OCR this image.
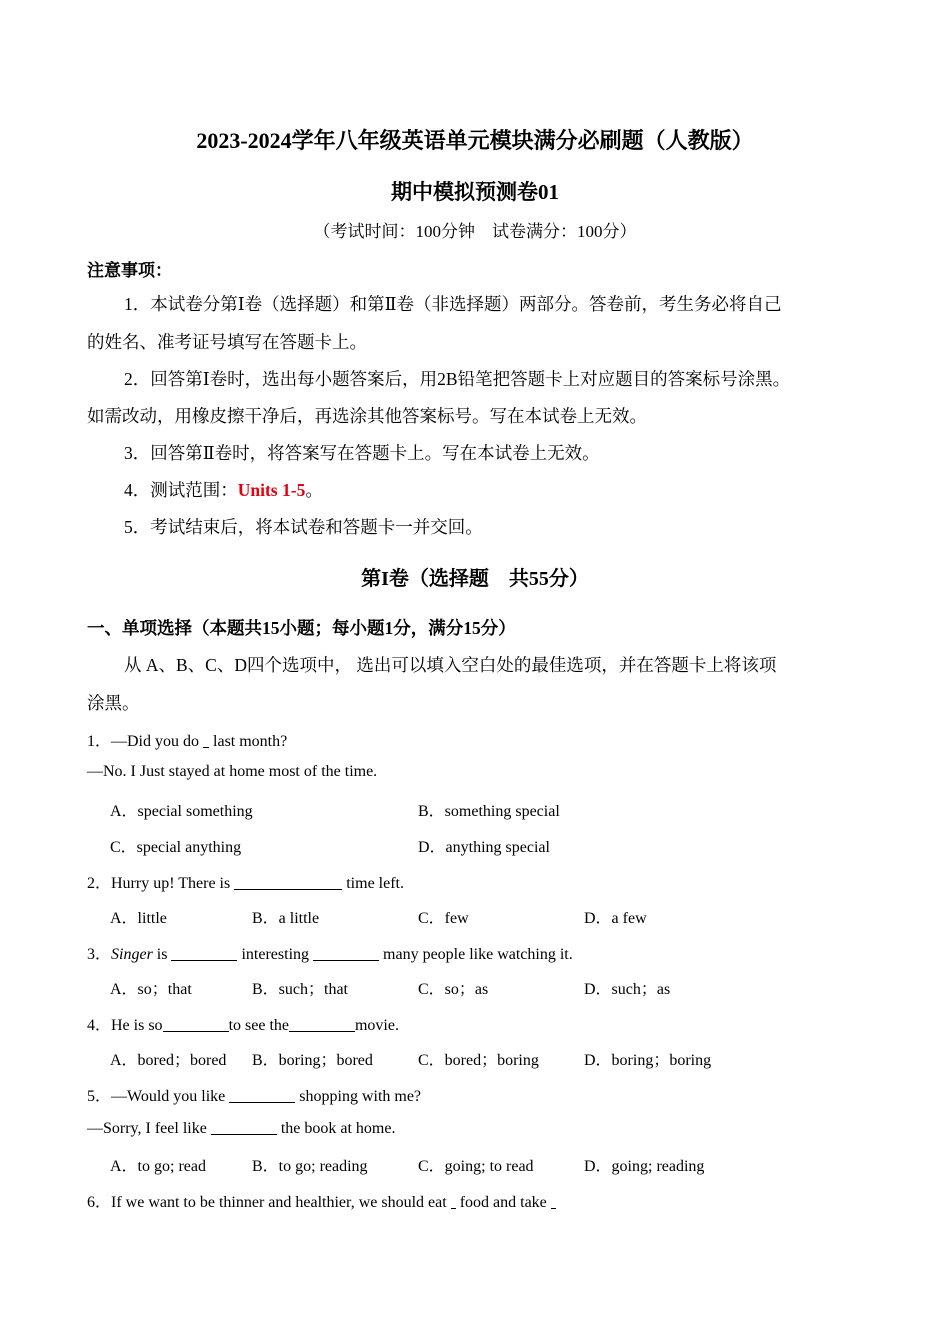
2023-2024学年八年级英语单元模块满分必刷题（人教版）
期中模拟预测卷01
（考试时间：100分钟　试卷满分：100分）
注意事项：
1．本试卷分第Ⅰ卷（选择题）和第Ⅱ卷（非选择题）两部分。答卷前，考生务必将自己
的姓名、准考证号填写在答题卡上。
2．回答第Ⅰ卷时，选出每小题答案后，用2B铅笔把答题卡上对应题目的答案标号涂黑。
如需改动，用橡皮擦干净后，再选涂其他答案标号。写在本试卷上无效。
3．回答第Ⅱ卷时，将答案写在答题卡上。写在本试卷上无效。
4．测试范围：Units 1-5。
5．考试结束后，将本试卷和答题卡一并交回。
第I卷（选择题　共55分）
一、单项选择（本题共15小题；每小题1分，满分15分）
从 A、B、C、D四个选项中， 选出可以填入空白处的最佳选项，并在答题卡上将该项
涂黑。
1．—Did you do  last month?
—No. I Just stayed at home most of the time.
A．special something	B．something special
C．special anything	D．anything special
2．Hurry up! There is	time left.
A．little	B．a little	C．few	D．a few
3．Singer is	interesting	many people like watching it.
A．so；that	B．such；that	C．so；as	D．such；as
4．He is so	to see the	movie.
A．bored；bored B．boring；bored	C．bored；boring	D．boring；boring
5．—Would you like	shopping with me?
—Sorry, I feel like	the book at home.
A．to go; read	B．to go; reading	C．going; to read	D．going; reading
6．If we want to be thinner and healthier, we should eat  food and take
